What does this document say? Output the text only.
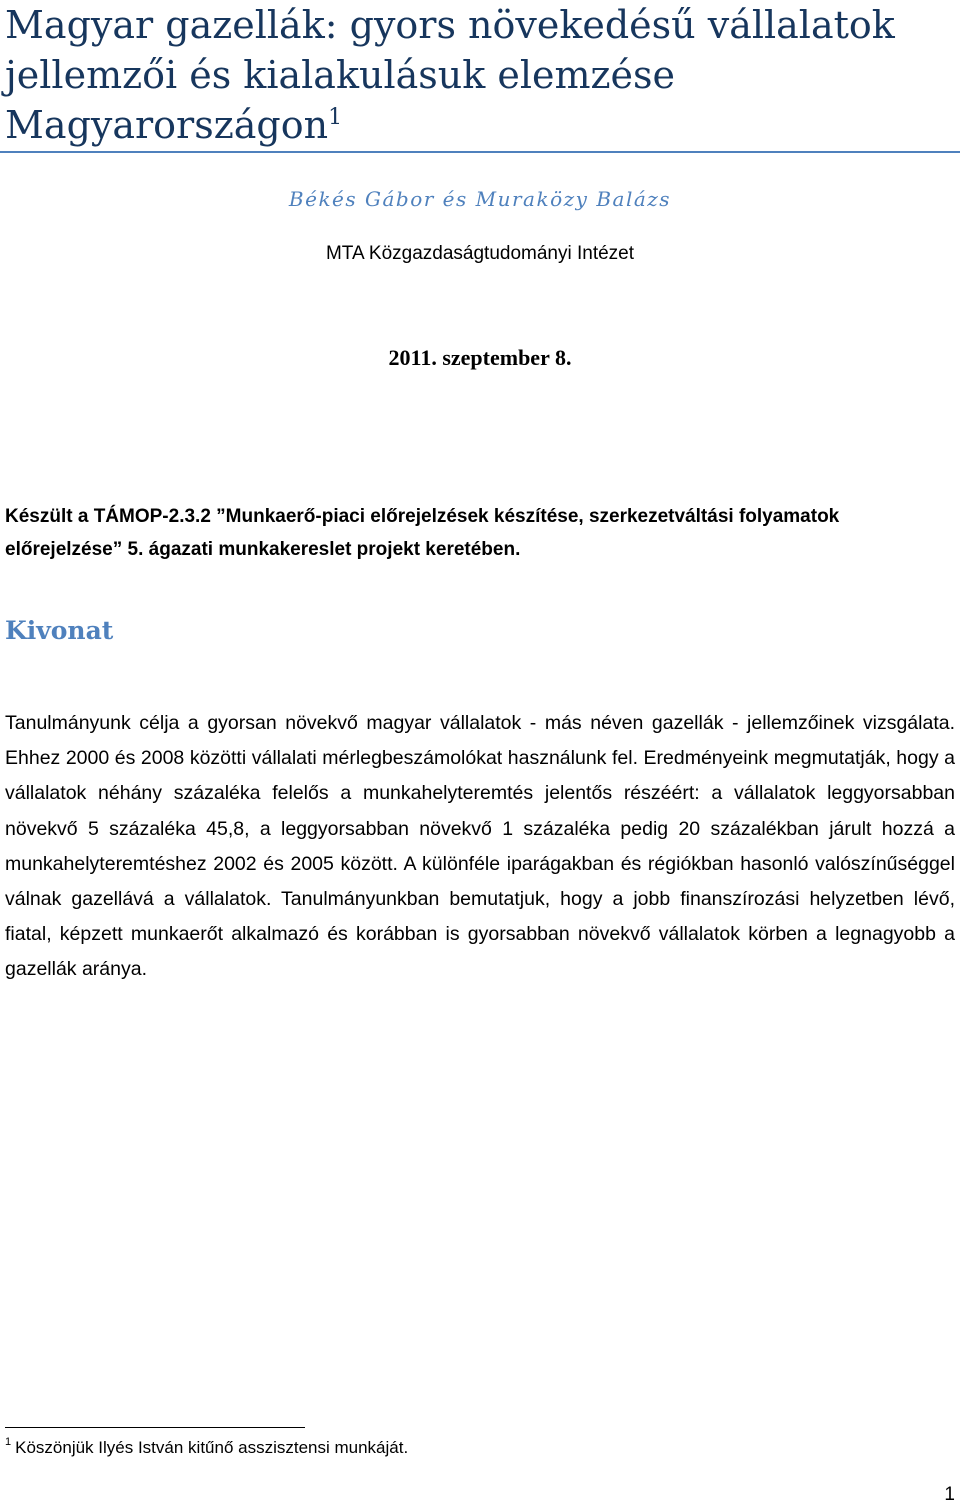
Magyar gazellák: gyors növekedésű vállalatok
jellemzői és kialakulásuk elemzése
Magyarországon$^1$
Békés Gábor és Muraközy Balázs
MTA Közgazdaságtudományi Intézet
2011. szeptember 8.
Készült a TÁMOP-2.3.2 ”Munkaerő-piaci előrejelzések készítése, szerkezetváltási folyamatok előrejelzése” 5. ágazati munkakereslet projekt keretében.
Kivonat

Tanulmányunk célja a gyorsan növekvő magyar vállalatok - más néven gazellák - jellemzőinek vizsgálata. Ehhez 2000 és 2008 közötti vállalati mérlegbeszámolókat használunk fel. Eredményeink megmutatják, hogy a vállalatok néhány százaléka felelős a munkahelyteremtés jelentős részéért: a vállalatok leggyorsabban növekvő 5 százaléka 45,8, a leggyorsabban növekvő 1 százaléka pedig 20 százalékban járult hozzá a munkahelyteremtéshez 2002 és 2005 között. A különféle iparágakban és régiókban hasonló valószínűséggel válnak gazellává a vállalatok. Tanulmányunkban bemutatjuk, hogy a jobb finanszírozási helyzetben lévő, fiatal, képzett munkaerőt alkalmazó és korábban is gyorsabban növekvő vállalatok körben a legnagyobb a gazellák aránya.

$^1$ Köszönjük Ilyés István kitűnő asszisztensi munkáját.
1
